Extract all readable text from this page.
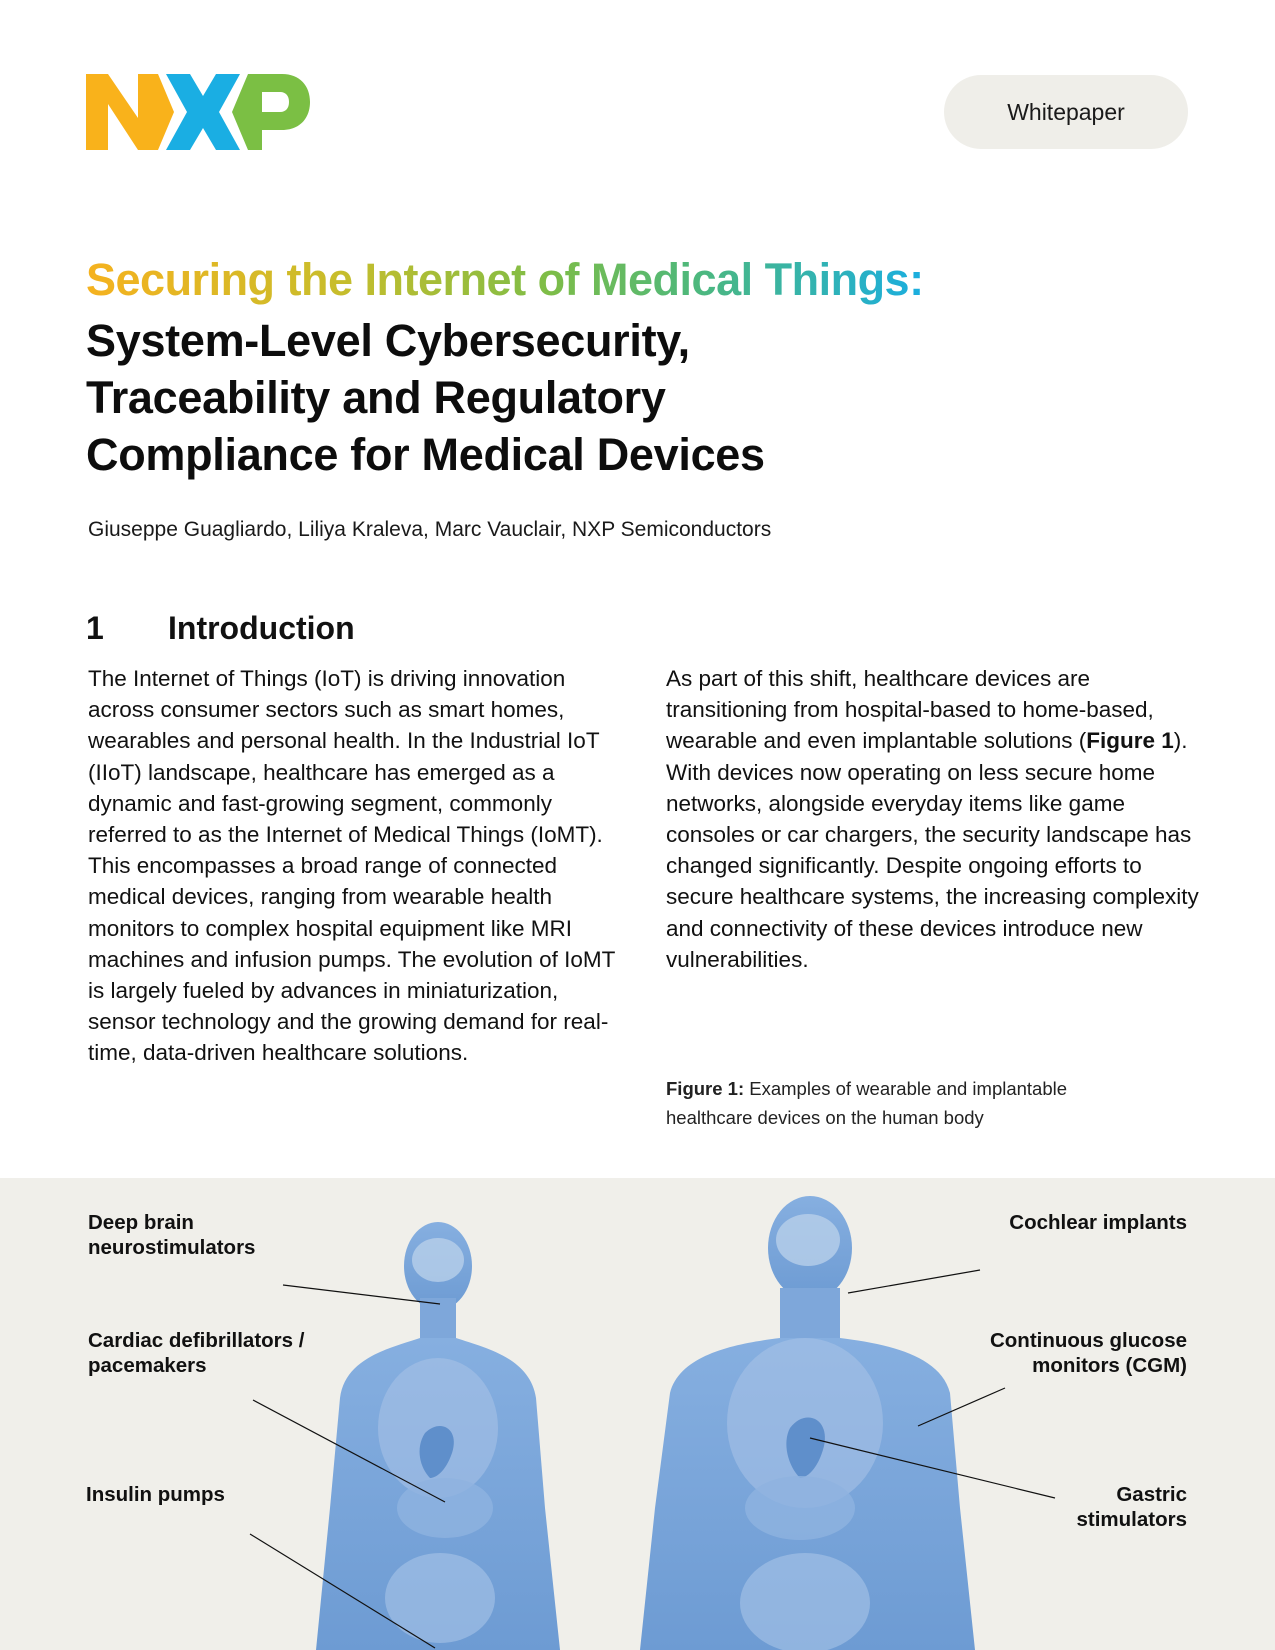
Whitepaper
Securing the Internet of Medical Things:
System-Level Cybersecurity,
Traceability and Regulatory
Compliance for Medical Devices
Giuseppe Guagliardo, Liliya Kraleva, Marc Vauclair, NXP Semiconductors
1	Introduction

The Internet of Things (IoT) is driving innovation across consumer sectors such as smart homes, wearables and personal health. In the Industrial IoT (IIoT) landscape, healthcare has emerged as a dynamic and fast-growing segment, commonly referred to as the Internet of Medical Things (IoMT). This encompasses a broad range of connected medical devices, ranging from wearable health monitors to complex hospital equipment like MRI machines and infusion pumps. The evolution of IoMT is largely fueled by advances in miniaturization, sensor technology and the growing demand for real-time, data-driven healthcare solutions.

As part of this shift, healthcare devices are transitioning from hospital-based to home-based, wearable and even implantable solutions (Figure 1). With devices now operating on less secure home networks, alongside everyday items like game consoles or car chargers, the security landscape has changed significantly. Despite ongoing efforts to secure healthcare systems, the increasing complexity and connectivity of these devices introduce new vulnerabilities.

Figure 1: Examples of wearable and implantable healthcare devices on the human body
Deep brain
neurostimulators
Cardiac defibrillators /
pacemakers
Insulin pumps
Cochlear implants
Continuous glucose
monitors (CGM)
Gastric
stimulators
